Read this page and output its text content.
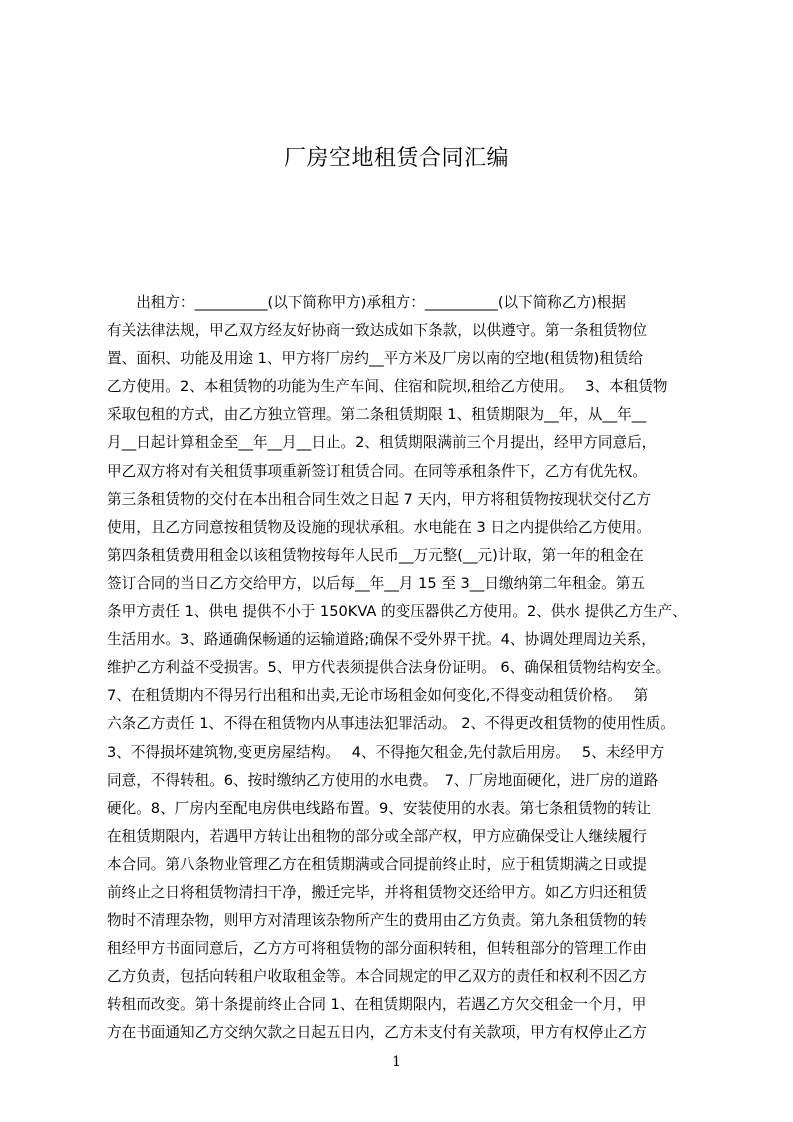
厂房空地租赁合同汇编
　　出租方：__________(以下简称甲方)承租方：__________(以下简称乙方)根据
有关法律法规，甲乙双方经友好协商一致达成如下条款，以供遵守。第一条租赁物位
置、面积、功能及用途 1、甲方将厂房约__平方米及厂房以南的空地(租赁物)租赁给
乙方使用。2、本租赁物的功能为生产车间、住宿和院坝,租给乙方使用。　 3、本租赁物
采取包租的方式，由乙方独立管理。第二条租赁期限 1、租赁期限为__年，从__年__
月__日起计算租金至__年__月__日止。2、租赁期限满前三个月提出，经甲方同意后，
甲乙双方将对有关租赁事项重新签订租赁合同。在同等承租条件下，乙方有优先权。
第三条租赁物的交付在本出租合同生效之日起 7 天内，甲方将租赁物按现状交付乙方
使用，且乙方同意按租赁物及设施的现状承租。水电能在 3 日之内提供给乙方使用。
第四条租赁费用租金以该租赁物按每年人民币__万元整(__元)计取，第一年的租金在
签订合同的当日乙方交给甲方，以后每__年__月 15 至 3__日缴纳第二年租金。第五
条甲方责任 1、供电 提供不小于 150KVA 的变压器供乙方使用。2、供水 提供乙方生产、
生活用水。3、路通确保畅通的运输道路;确保不受外界干扰。4、协调处理周边关系，
维护乙方利益不受损害。5、甲方代表须提供合法身份证明。 6、确保租赁物结构安全。
7、在租赁期内不得另行出租和出卖,无论市场租金如何变化,不得变动租赁价格。　 第
六条乙方责任 1、不得在租赁物内从事违法犯罪活动。 2、不得更改租赁物的使用性质。
3、不得损坏建筑物,变更房屋结构。　 4、不得拖欠租金,先付款后用房。　 5、未经甲方
同意，不得转租。6、按时缴纳乙方使用的水电费。　7、厂房地面硬化，进厂房的道路
硬化。8、厂房内至配电房供电线路布置。9、安装使用的水表。第七条租赁物的转让
在租赁期限内，若遇甲方转让出租物的部分或全部产权，甲方应确保受让人继续履行
本合同。第八条物业管理乙方在租赁期满或合同提前终止时，应于租赁期满之日或提
前终止之日将租赁物清扫干净，搬迁完毕，并将租赁物交还给甲方。如乙方归还租赁
物时不清理杂物，则甲方对清理该杂物所产生的费用由乙方负责。第九条租赁物的转
租经甲方书面同意后，乙方方可将租赁物的部分面积转租，但转租部分的管理工作由
乙方负责，包括向转租户收取租金等。本合同规定的甲乙双方的责任和权利不因乙方
转租而改变。第十条提前终止合同 1、在租赁期限内，若遇乙方欠交租金一个月，甲
方在书面通知乙方交纳欠款之日起五日内，乙方未支付有关款项，甲方有权停止乙方
1
